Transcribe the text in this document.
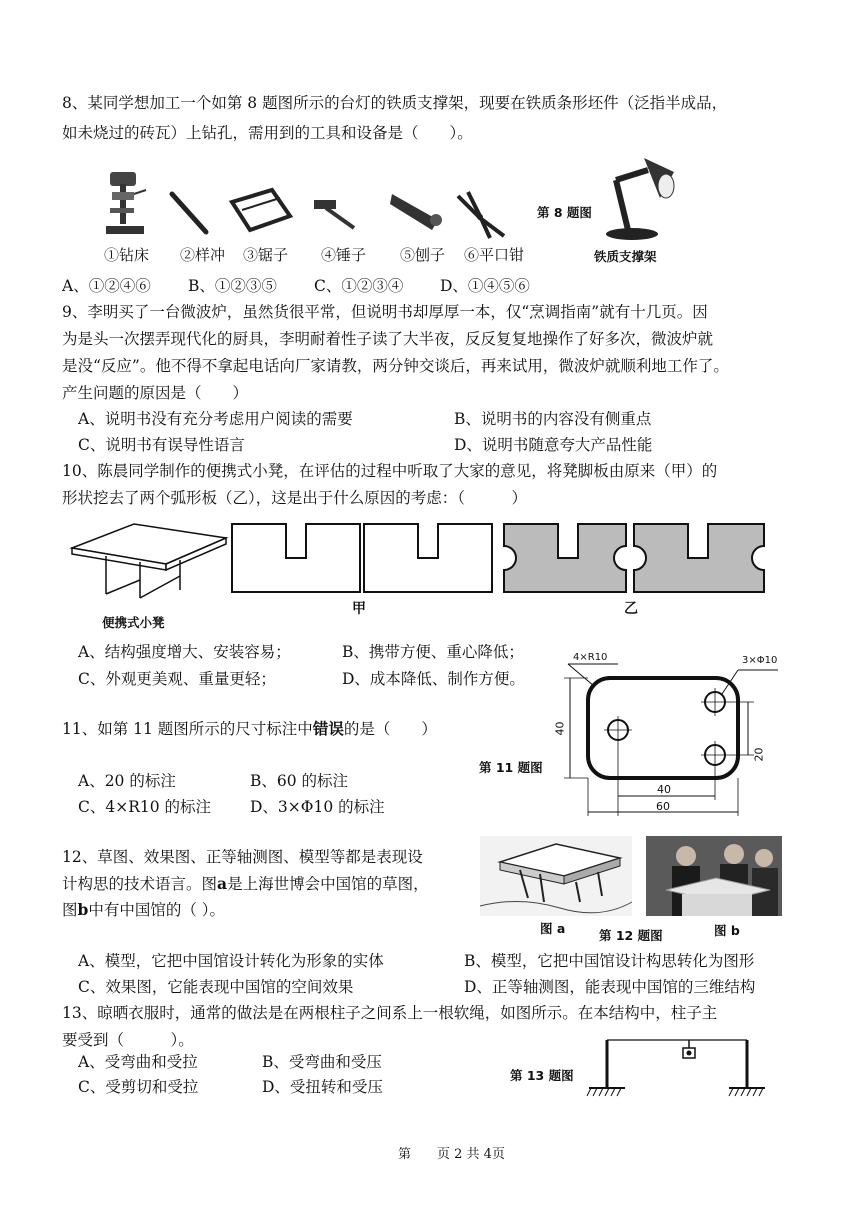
8、某同学想加工一个如第 8 题图所示的台灯的铁质支撑架，现要在铁质条形坯件（泛指半成品，
如未烧过的砖瓦）上钻孔，需用到的工具和设备是（　　）。
①钻床 ②样冲 ③锯子 ④锤子 ⑤刨子 ⑥平口钳
第 8 题图
铁质支撑架
A、①②④⑥ B、①②③⑤ C、①②③④ D、①④⑤⑥
9、李明买了一台微波炉，虽然货很平常，但说明书却厚厚一本，仅“烹调指南”就有十几页。因
为是头一次摆弄现代化的厨具，李明耐着性子读了大半夜，反反复复地操作了好多次，微波炉就
是没“反应”。他不得不拿起电话向厂家请教，两分钟交谈后，再来试用，微波炉就顺利地工作了。
产生问题的原因是（　　）
A、说明书没有充分考虑用户阅读的需要	B、说明书的内容没有侧重点
C、说明书有误导性语言	D、说明书随意夸大产品性能
10、陈晨同学制作的便携式小凳，在评估的过程中听取了大家的意见，将凳脚板由原来（甲）的
形状挖去了两个弧形板（乙），这是出于什么原因的考虑：（　　　）
便携式小凳
甲	乙
A、结构强度增大、安装容易；	B、携带方便、重心降低；
C、外观更美观、重量更轻；	D、成本降低、制作方便。
11、如第 11 题图所示的尺寸标注中错误的是（　　）
A、20 的标注	B、60 的标注
C、4×R10 的标注	D、3×Φ10 的标注
第 11 题图
4×R10	3×Φ10
40
20
40
60
12、草图、效果图、正等轴测图、模型等都是表现设
计构思的技术语言。图a是上海世博会中国馆的草图，
图b中有中国馆的（ ）。
图 a	图 b
第 12 题图
A、模型，它把中国馆设计转化为形象的实体	B、模型，它把中国馆设计构思转化为图形
C、效果图，它能表现中国馆的空间效果	D、正等轴测图，能表现中国馆的三维结构
13、晾晒衣服时，通常的做法是在两根柱子之间系上一根软绳，如图所示。在本结构中，柱子主
要受到（　　　）。
A、受弯曲和受拉	B、受弯曲和受压
C、受剪切和受拉	D、受扭转和受压
第 13 题图
第　　页 2 共 4页
